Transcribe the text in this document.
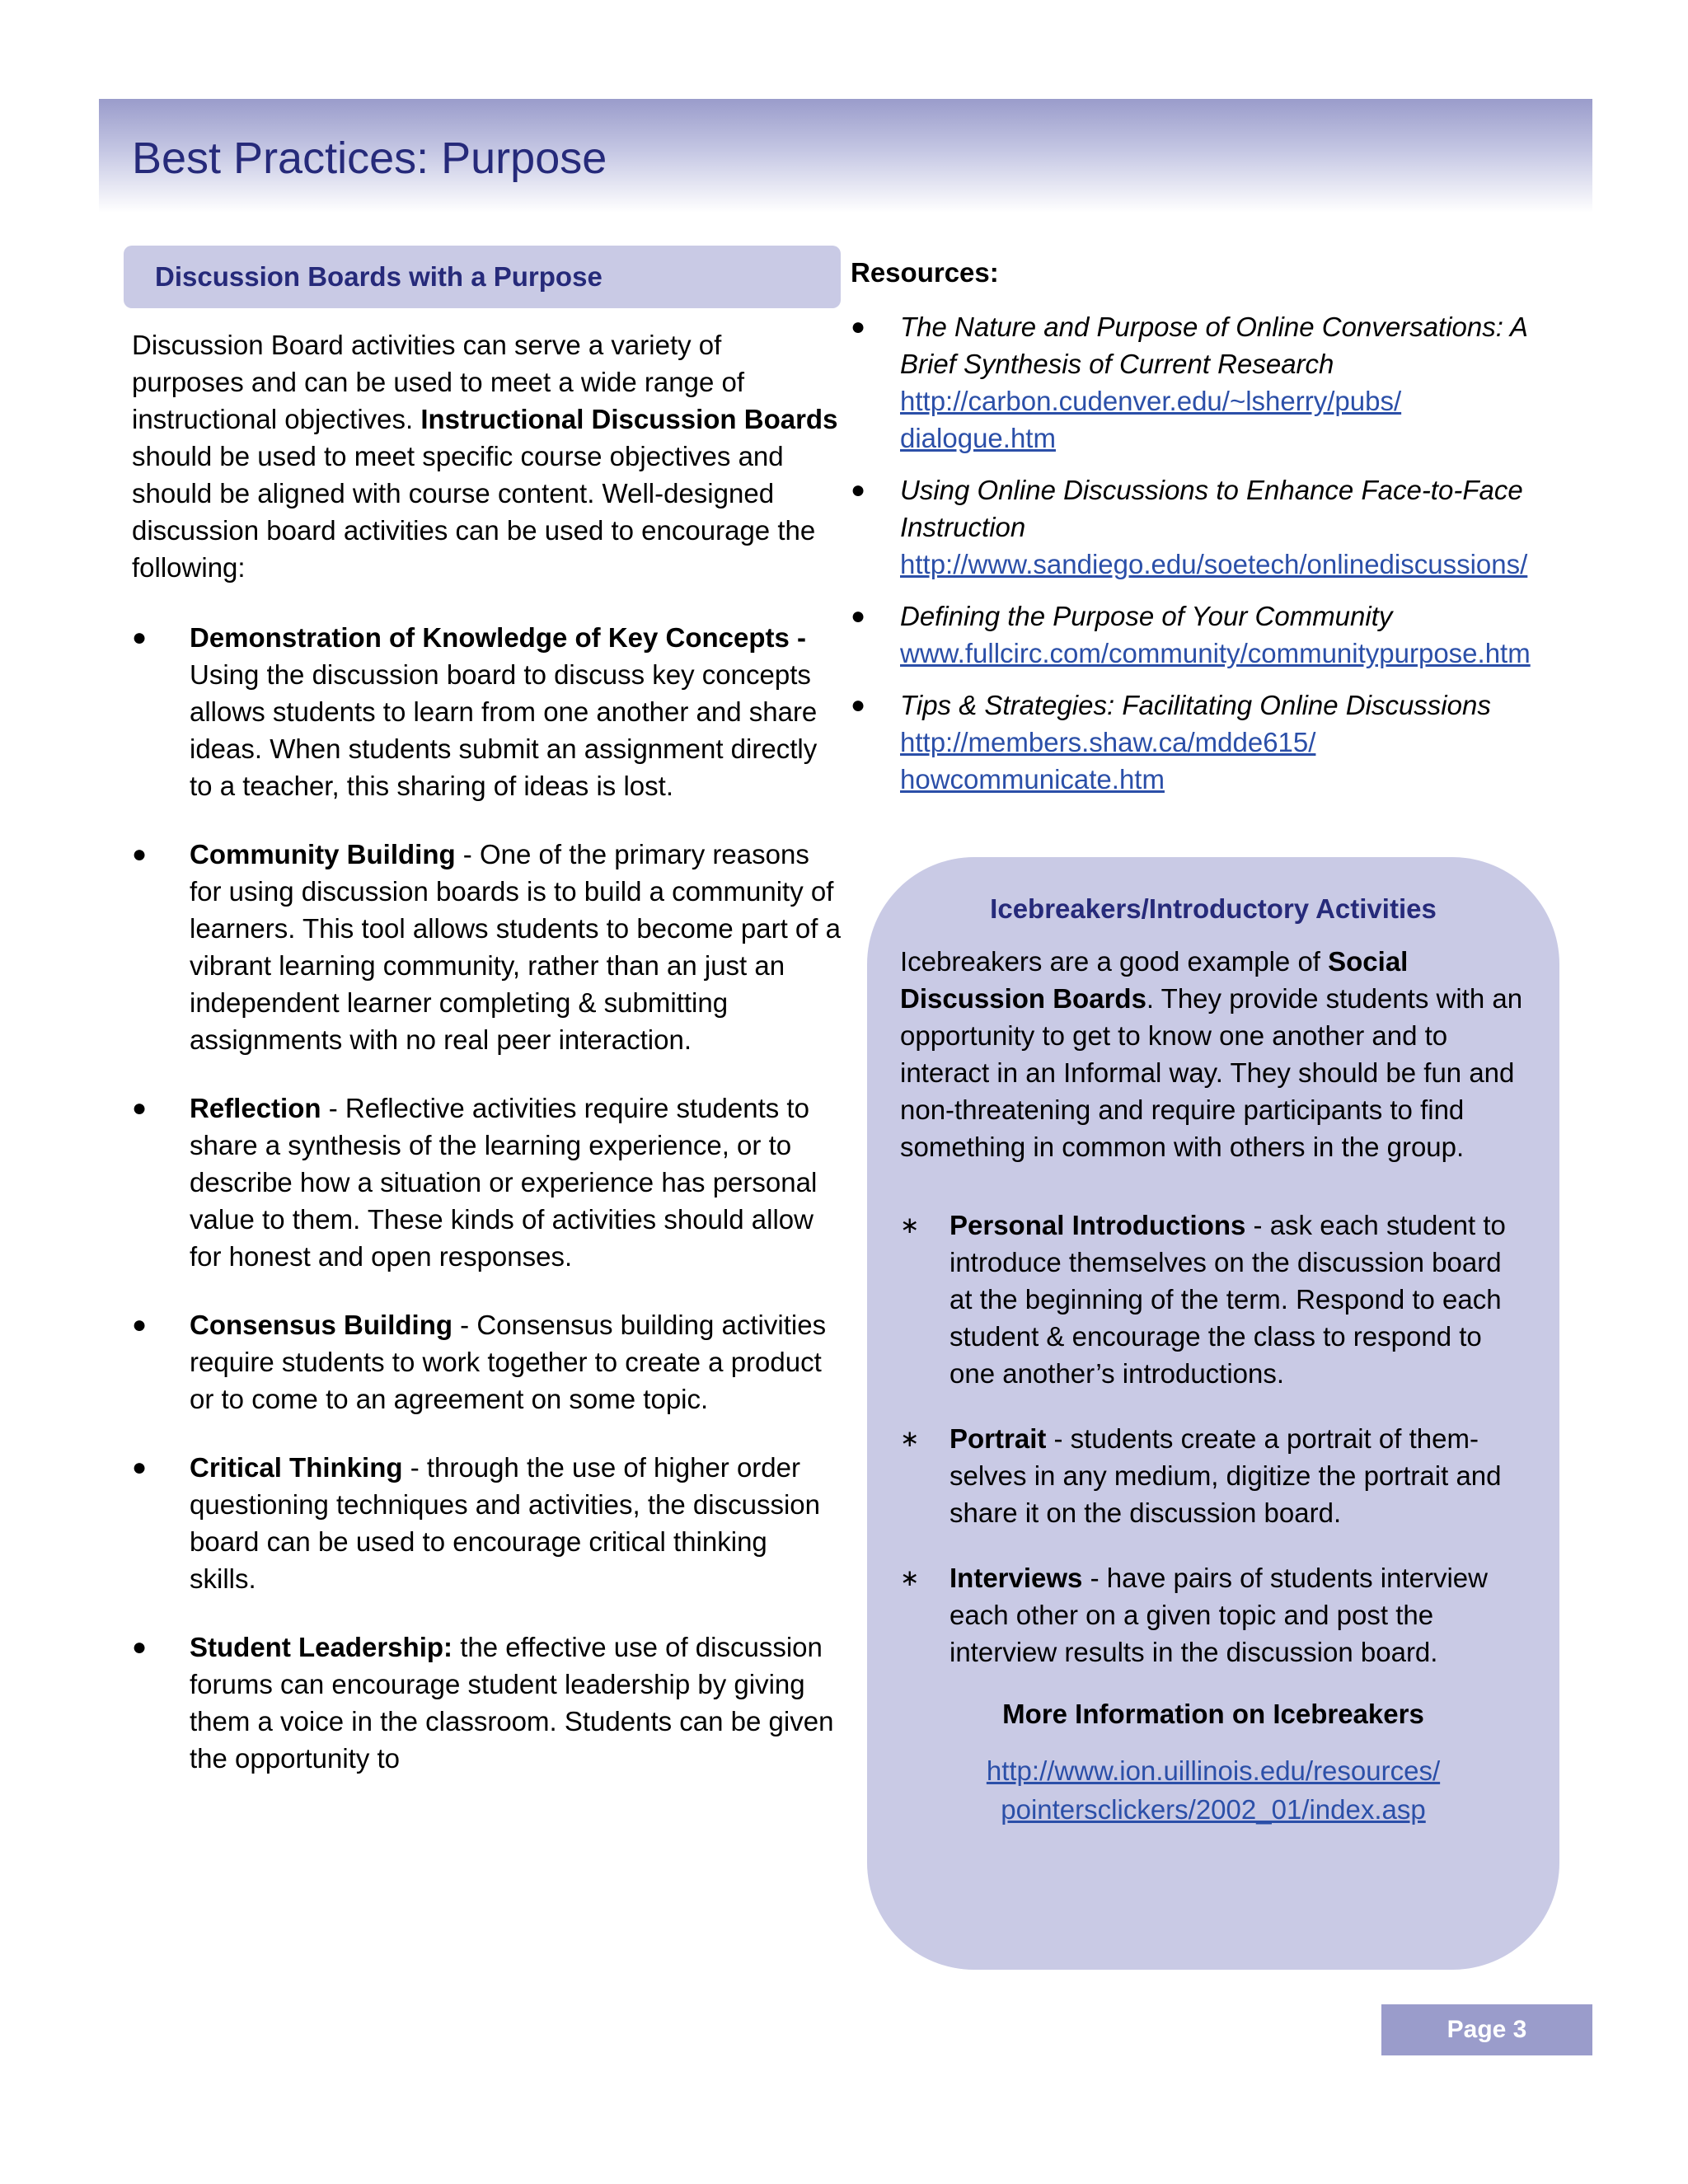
Best Practices: Purpose
Discussion Boards with a Purpose

Discussion Board activities can serve a variety of purposes and can be used to meet a wide range of instructional objectives. Instructional Discussion Boards should be used to meet specific course objectives and should be aligned with course content. Well-designed discussion board activities can be used to encourage the following:

● Demonstration of Knowledge of Key Concepts - Using the discussion board to discuss key concepts allows students to learn from one another and share ideas. When students submit an assignment directly to a teacher, this sharing of ideas is lost.
● Community Building - One of the primary reasons for using discussion boards is to build a community of learners. This tool allows students to become part of a vibrant learning community, rather than an just an independent learner completing & submitting assignments with no real peer interaction.
● Reflection - Reflective activities require students to share a synthesis of the learning experience, or to describe how a situation or experience has personal value to them. These kinds of activities should allow for honest and open responses.
● Consensus Building - Consensus building activities require students to work together to create a product or to come to an agreement on some topic.
● Critical Thinking - through the use of higher order questioning techniques and activities, the discussion board can be used to encourage critical thinking skills.
● Student Leadership: the effective use of discussion forums can encourage student leadership by giving them a voice in the classroom. Students can be given the opportunity to
Resources:
● The Nature and Purpose of Online Conversations: A Brief Synthesis of Current Research
http://carbon.cudenver.edu/~lsherry/pubs/
dialogue.htm
● Using Online Discussions to Enhance Face-to-Face Instruction
http://www.sandiego.edu/soetech/onlinediscussions/
● Defining the Purpose of Your Community
www.fullcirc.com/community/communitypurpose.htm
● Tips & Strategies: Facilitating Online Discussions
http://members.shaw.ca/mdde615/
howcommunicate.htm
Icebreakers/Introductory Activities

Icebreakers are a good example of Social Discussion Boards. They provide students with an opportunity to get to know one another and to interact in an Informal way. They should be fun and non-threatening and require participants to find something in common with others in the group.

∗ Personal Introductions - ask each student to introduce themselves on the discussion board at the beginning of the term. Respond to each student & encourage the class to respond to one another’s introductions.
∗ Portrait - students create a portrait of them-selves in any medium, digitize the portrait and share it on the discussion board.
∗ Interviews - have pairs of students interview each other on a given topic and post the interview results in the discussion board.
More Information on Icebreakers
http://www.ion.uillinois.edu/resources/
pointersclickers/2002_01/index.asp
Page 3
